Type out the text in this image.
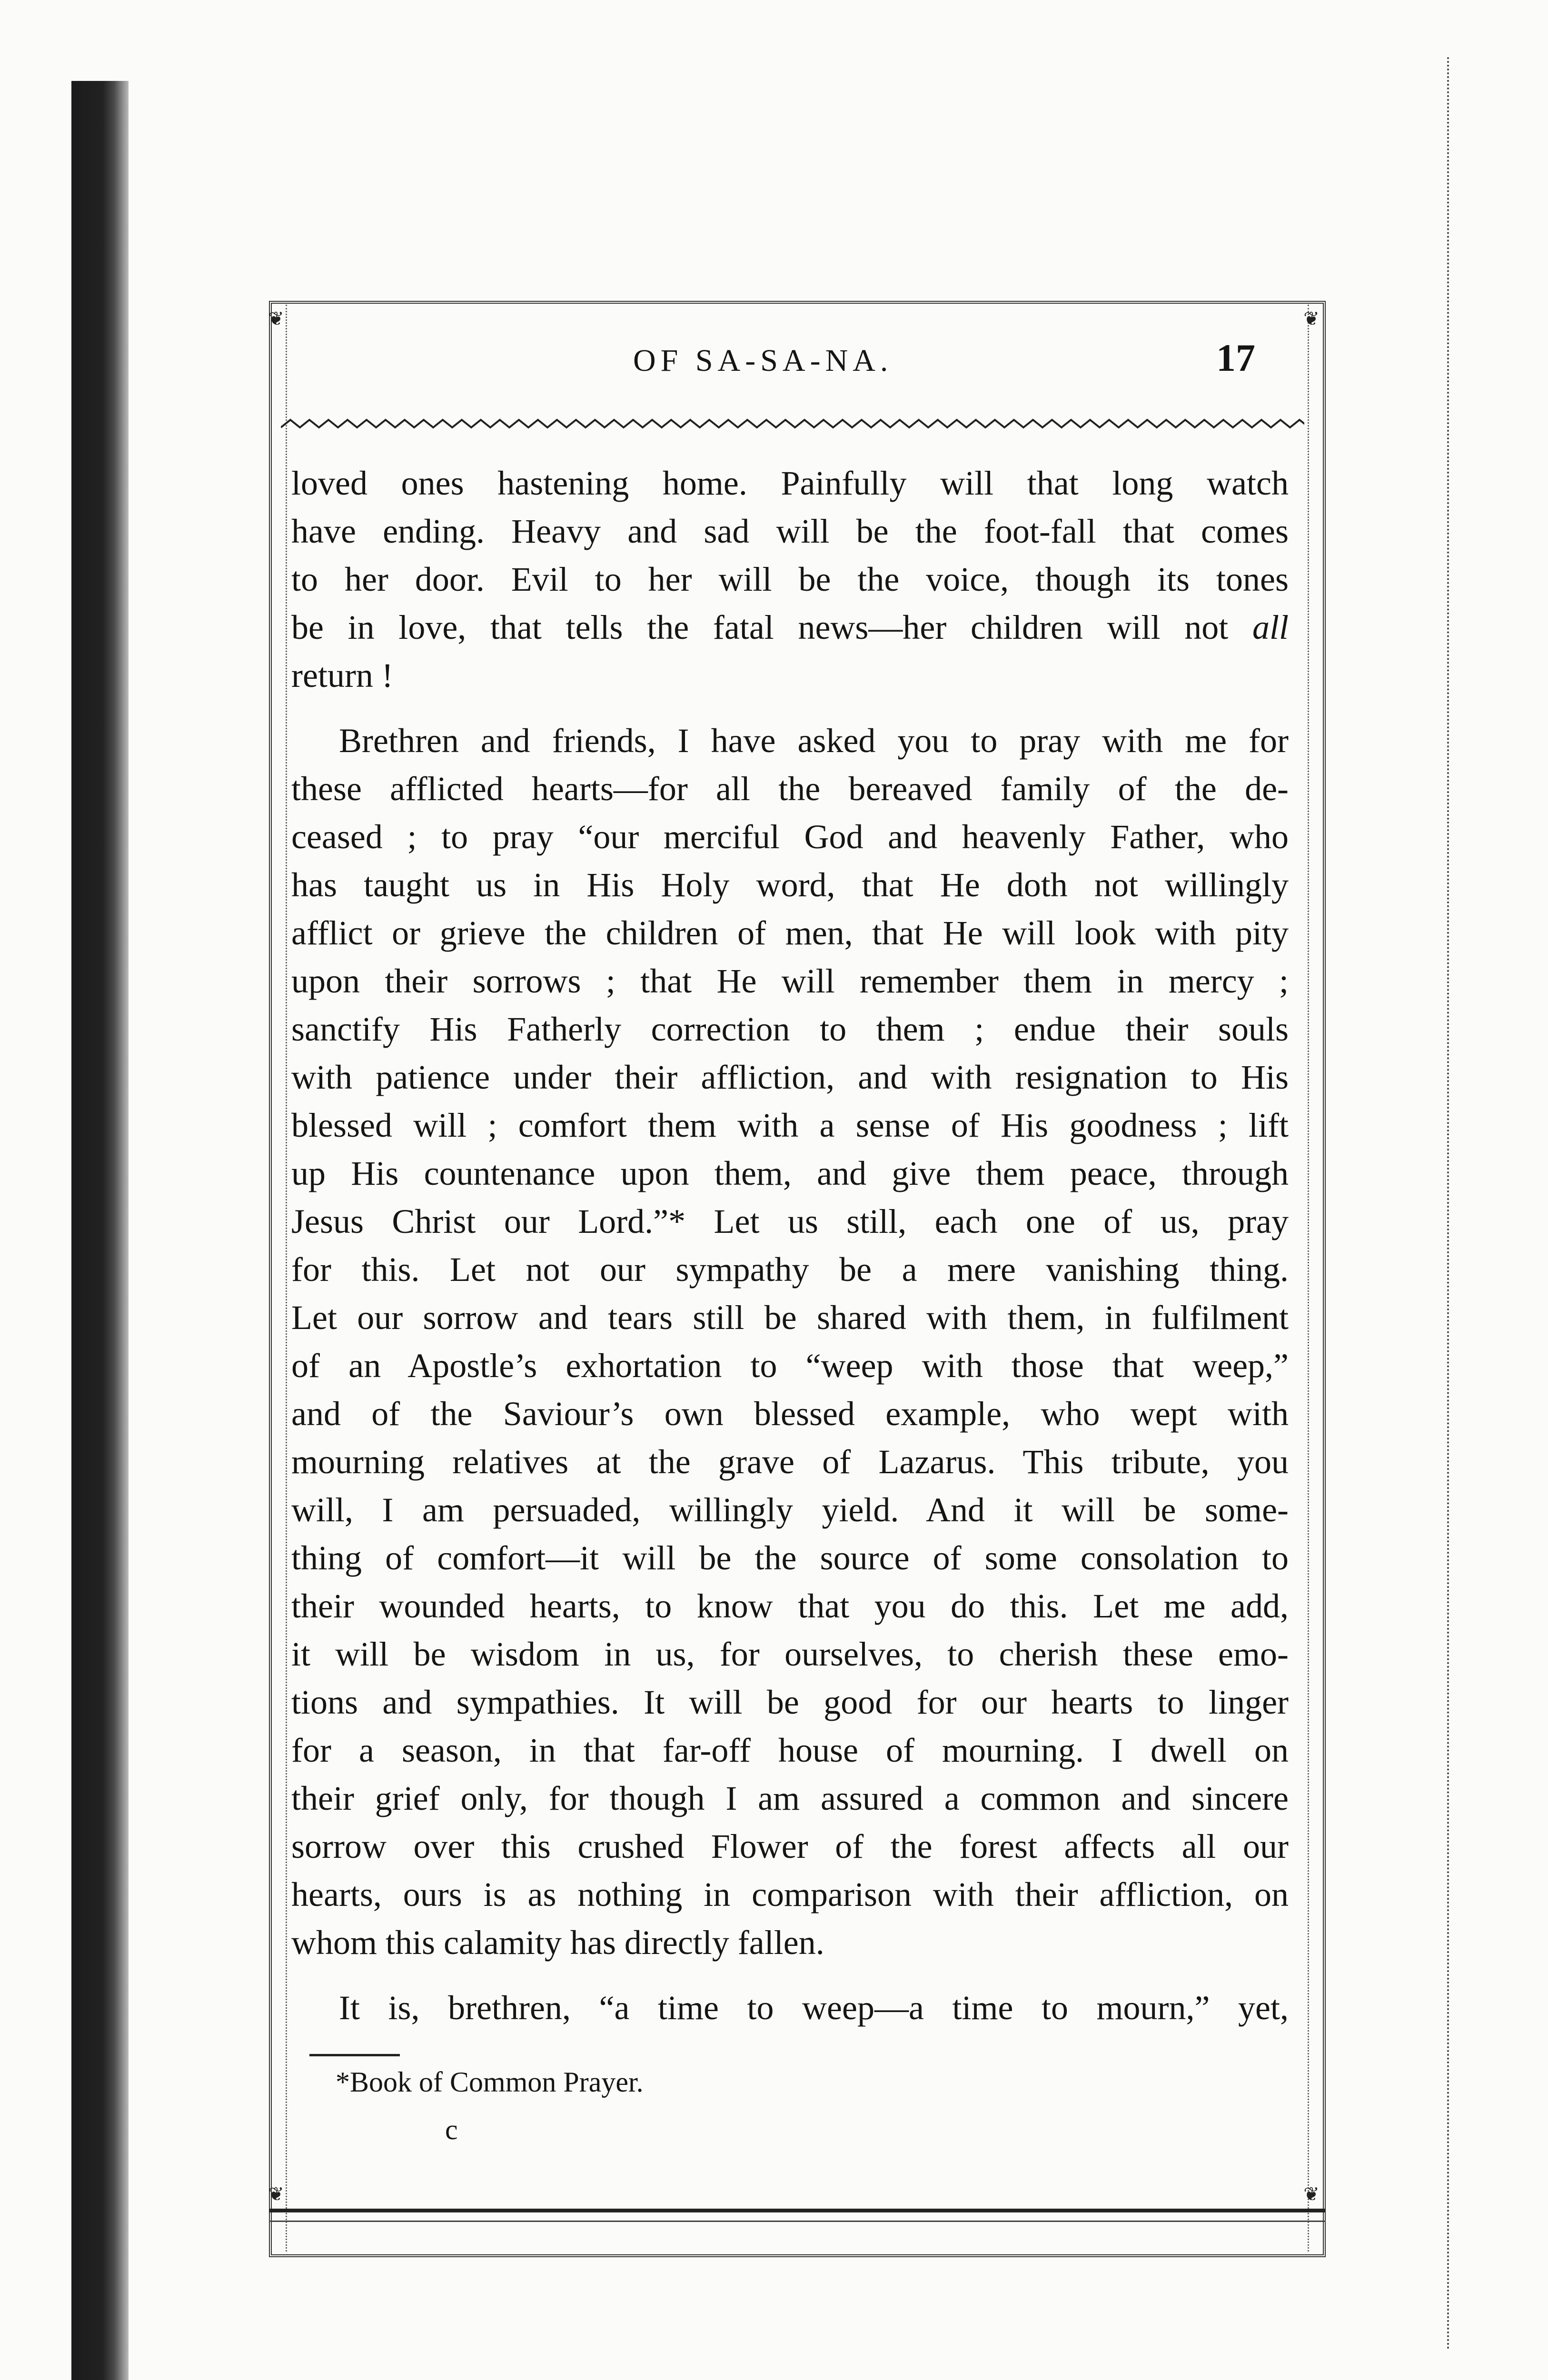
❦	❦
❦	❦
OF SA-SA-NA.	17
loved ones hastening home. Painfully will that long watch
have ending. Heavy and sad will be the foot-fall that comes
to her door. Evil to her will be the voice, though its tones
be in love, that tells the fatal news—her children will not all
return !
Brethren and friends, I have asked you to pray with me for
these afflicted hearts—for all the bereaved family of the de-
ceased ; to pray “our merciful God and heavenly Father, who
has taught us in His Holy word, that He doth not willingly
afflict or grieve the children of men, that He will look with pity
upon their sorrows ; that He will remember them in mercy ;
sanctify His Fatherly correction to them ; endue their souls
with patience under their affliction, and with resignation to His
blessed will ; comfort them with a sense of His goodness ; lift
up His countenance upon them, and give them peace, through
Jesus Christ our Lord.”* Let us still, each one of us, pray
for this. Let not our sympathy be a mere vanishing thing.
Let our sorrow and tears still be shared with them, in fulfilment
of an Apostle’s exhortation to “weep with those that weep,”
and of the Saviour’s own blessed example, who wept with
mourning relatives at the grave of Lazarus. This tribute, you
will, I am persuaded, willingly yield. And it will be some-
thing of comfort—it will be the source of some consolation to
their wounded hearts, to know that you do this. Let me add,
it will be wisdom in us, for ourselves, to cherish these emo-
tions and sympathies. It will be good for our hearts to linger
for a season, in that far-off house of mourning. I dwell on
their grief only, for though I am assured a common and sincere
sorrow over this crushed Flower of the forest affects all our
hearts, ours is as nothing in comparison with their affliction, on
whom this calamity has directly fallen.
It is, brethren, “a time to weep—a time to mourn,” yet,
*Book of Common Prayer.
c
